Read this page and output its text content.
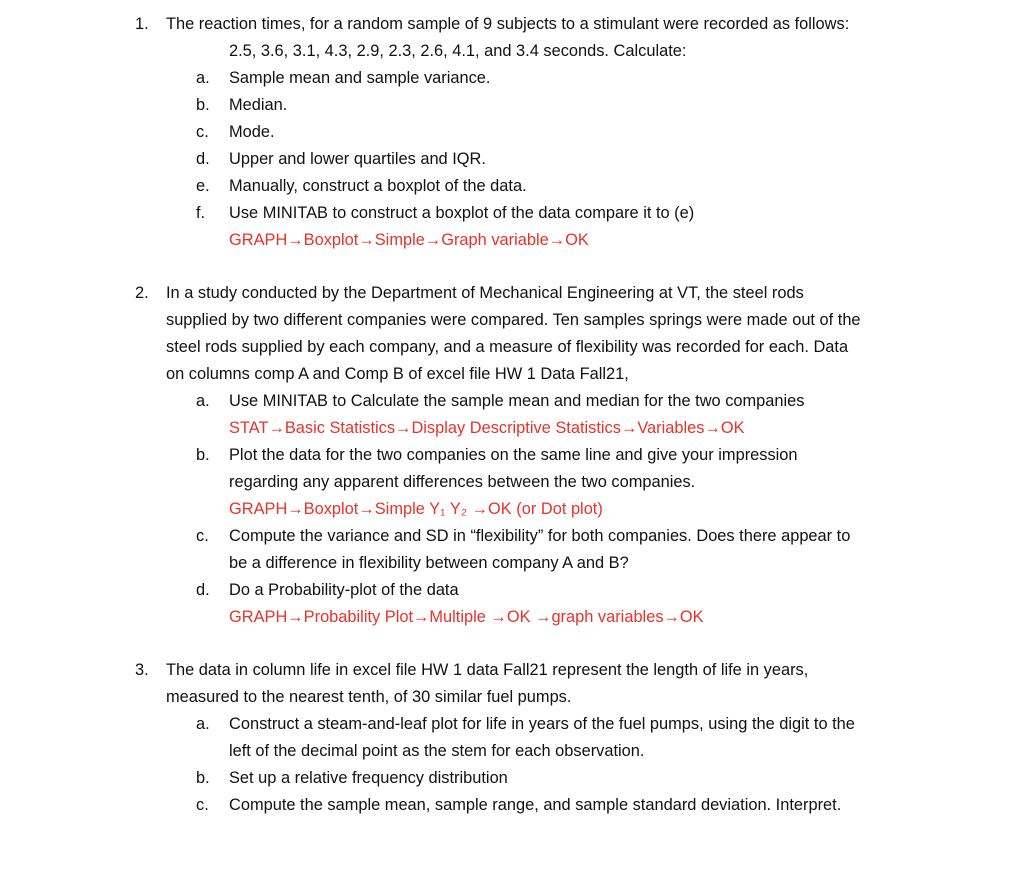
1. The reaction times, for a random sample of 9 subjects to a stimulant were recorded as follows:
2.5, 3.6, 3.1, 4.3, 2.9, 2.3, 2.6, 4.1, and 3.4 seconds. Calculate:
a. Sample mean and sample variance.
b. Median.
c. Mode.
d. Upper and lower quartiles and IQR.
e. Manually, construct a boxplot of the data.
f. Use MINITAB to construct a boxplot of the data compare it to (e)
GRAPH→Boxplot→Simple→Graph variable→OK
2. In a study conducted by the Department of Mechanical Engineering at VT, the steel rods
supplied by two different companies were compared. Ten samples springs were made out of the
steel rods supplied by each company, and a measure of flexibility was recorded for each. Data
on columns comp A and Comp B of excel file HW 1 Data Fall21,
a. Use MINITAB to Calculate the sample mean and median for the two companies
STAT→Basic Statistics→Display Descriptive Statistics→Variables→OK
b. Plot the data for the two companies on the same line and give your impression
regarding any apparent differences between the two companies.
GRAPH→Boxplot→Simple Y₁ Y₂ →OK (or Dot plot)
c. Compute the variance and SD in “flexibility” for both companies. Does there appear to
be a difference in flexibility between company A and B?
d. Do a Probability-plot of the data
GRAPH→Probability Plot→Multiple →OK →graph variables→OK
3. The data in column life in excel file HW 1 data Fall21 represent the length of life in years,
measured to the nearest tenth, of 30 similar fuel pumps.
a. Construct a steam-and-leaf plot for life in years of the fuel pumps, using the digit to the
left of the decimal point as the stem for each observation.
b. Set up a relative frequency distribution
c. Compute the sample mean, sample range, and sample standard deviation. Interpret.
